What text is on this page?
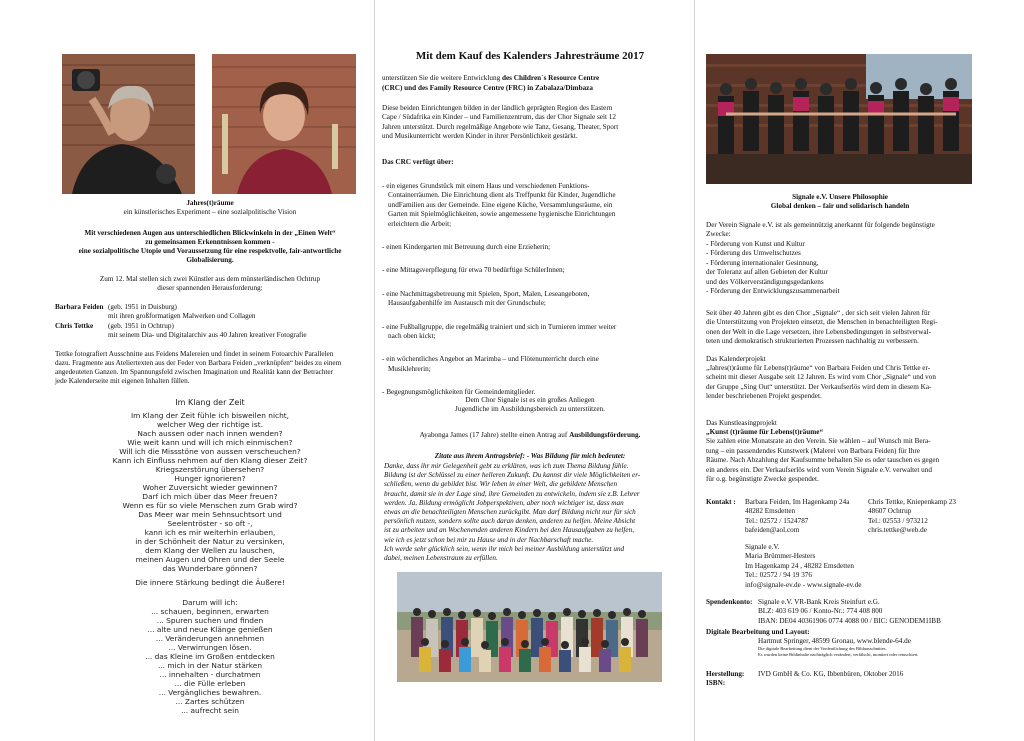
Jahres(t)räume
ein künstlerisches Experiment – eine sozialpolitische Vision
Mit verschiedenen Augen aus unterschiedlichen Blickwinkeln in der „Einen Welt“
zu gemeinsamen Erkenntnissen kommen -
eine sozialpolitische Utopie und Voraussetzung für eine respektvolle, fair-antwortliche
Globalisierung.
Zum 12. Mal stellen sich zwei Künstler aus dem münsterländischen Ochtrup
dieser spannenden Herausforderung:
Barbara Feiden (geb. 1951 in Duisburg)
mit ihren großformatigen Malwerken und Collagen
Chris Tettke (geb. 1951 in Ochtrup)
mit seinem Dia- und Digitalarchiv aus 40 Jahren kreativer Fotografie
Tettke fotografiert Ausschnitte aus Feidens Malereien und findet in seinem Fotoarchiv Parallelen
dazu. Fragmente aus Ateliertexten aus der Feder von Barbara Feiden „verknüpfen“ beides zu einem
angedeuteten Ganzen. Im Spannungsfeld zwischen Imagination und Realität kann der Betrachter
jede Kalenderseite mit eigenen Inhalten füllen.
Im Klang der Zeit
Im Klang der Zeit fühle ich bisweilen nicht,
welcher Weg der richtige ist.
Nach aussen oder nach innen wenden?
Wie weit kann und will ich mich einmischen?
Will ich die Missstöne von aussen verscheuchen?
Kann ich Einfluss nehmen auf den Klang dieser Zeit?
Kriegszerstörung übersehen?
Hunger ignorieren?
Woher Zuversicht wieder gewinnen?
Darf ich mich über das Meer freuen?
Wenn es für so viele Menschen zum Grab wird?
Das Meer war mein Sehnsuchtsort und
Seelentröster - so oft -,
kann ich es mir weiterhin erlauben,
in der Schönheit der Natur zu versinken,
dem Klang der Wellen zu lauschen,
meinen Augen und Ohren und der Seele
das Wunderbare gönnen?
Die innere Stärkung bedingt die Äußere!
Darum will ich:
... schauen, beginnen, erwarten
... Spuren suchen und finden
... alte und neue Klänge genießen
... Veränderungen annehmen
... Verwirrungen lösen.
... das Kleine im Großen entdecken
... mich in der Natur stärken
... innehalten - durchatmen
... die Fülle erleben
... Vergängliches bewahren.
... Zartes schützen
... aufrecht sein
Mit dem Kauf des Kalenders Jahresträume 2017
unterstützen Sie die weitere Entwicklung des Children´s Resource Centre
(CRC) und des Family Resource Centre (FRC) in Zabalaza/Dimbaza
Diese beiden Einrichtungen bilden in der ländlich geprägten Region des Eastern
Cape / Südafrika ein Kinder – und Familienzentrum, das der Chor Signale seit 12
Jahren unterstützt. Durch regelmäßige Angebote wie Tanz, Gesang, Theater, Sport
und Musikunterricht werden Kinder in ihrer Persönlichkeit gestärkt.
Das CRC verfügt über:
- ein eigenes Grundstück mit einem Haus und verschiedenen Funktions-
Containerräumen. Die Einrichtung dient als Treffpunkt für Kinder, Jugendliche
undFamilien aus der Gemeinde. Eine eigene Küche, Versammlungsräume, ein
Garten mit Spielmöglichkeiten, sowie angemessene hygienische Einrichtungen
erleichtern die Arbeit;
- einen Kindergarten mit Betreuung durch eine Erzieherin;
- eine Mittagsverpflegung für etwa 70 bedürftige SchülerInnen;
- eine Nachmittagsbetreuung mit Spielen, Sport, Malen, Leseangeboten,
Hausaufgabenhilfe im Austausch mit der Grundschule;
- eine Fußballgruppe, die regelmäßig trainiert und sich in Turnieren immer weiter
nach oben kickt;
- ein wöchentliches Angebot an Marimba – und Flötenunterricht durch eine
Musiklehrerin;
- Begegnungsmöglichkeiten für Gemeindemitglieder.
Dem Chor Signale ist es ein großes Anliegen
Jugendliche im Ausbildungsbereich zu unterstützen.
Ayabonga James (17 Jahre) stellte einen Antrag auf Ausbildungsförderung.
Zitate aus ihrem Antragsbrief: - Was Bildung für mich bedeutet:
Danke, dass ihr mir Gelegenheit gebt zu erklären, was ich zum Thema Bildung fühle.
Bildung ist der Schlüssel zu einer helleren Zukunft. Du kannst dir viele Möglichkeiten er-
schließen, wenn du gebildet bist. Wir leben in einer Welt, die gebildete Menschen
braucht, damit sie in der Lage sind, ihre Gemeinden zu entwickeln, indem sie z.B. Lehrer
werden. Ja, Bildung ermöglicht Jobperspektiven, aber noch wichtiger ist, dass man
etwas an die benachteiligten Menschen zurückgibt. Man darf Bildung nicht nur für sich
persönlich nutzen, sondern sollte auch daran denken, anderen zu helfen. Meine Absicht
ist zu arbeiten und an Wochenenden anderen Kindern bei den Hausaufgaben zu helfen,
wie ich es jetzt schon bei mir zu Hause und in der Nachbarschaft mache.
Ich werde sehr glücklich sein, wenn ihr mich bei meiner Ausbildung unterstützt und
dabei, meinen Lebenstraum zu erfüllen.
Signale e.V. Unsere Philosophie
Global denken – fair und solidarisch handeln
Der Verein Signale e.V. ist als gemeinnützig anerkannt für folgende begünstigte
Zwecke:
- Förderung von Kunst und Kultur
- Förderung des Umweltschutzes
- Förderung internationaler Gesinnung,
der Toleranz auf allen Gebieten der Kultur
und des Völkerverständigungsgedankens
- Förderung der Entwicklungszusammenarbeit
Seit über 40 Jahren gibt es den Chor „Signale“ , der sich seit vielen Jahren für
die Unterstützung von Projekten einsetzt, die Menschen in benachteiligten Regi-
onen der Welt in die Lage versetzen, ihre Lebensbedingungen in selbstverwal-
teten und demokratisch strukturierten Prozessen nachhaltig zu verbessern.
Das Kalenderprojekt
„Jahres(t)räume für Lebens(t)räume“ von Barbara Feiden und Chris Tettke er-
scheint mit dieser Ausgabe seit 12 Jahren. Es wird vom Chor „Signale“ und von
der Gruppe „Sing Out“ unterstützt. Der Verkaufserlös wird dem in diesem Ka-
lender beschriebenen Projekt gespendet.
Das Kunstleasingprojekt
„Kunst (t)räume für Lebens(t)räume“
Sie zahlen eine Monatsrate an den Verein. Sie wählen – auf Wunsch mit Bera-
tung – ein passendendes Kunstwerk (Malerei von Barbara Feiden) für Ihre
Räume. Nach Abzahlung der Kaufsumme behalten Sie es oder tauschen es gegen
ein anderes ein. Der Verkaufserlös wird vom Verein Signale e.V. verwaltet und
für o.g. begünstigte Zwecke gespendet.
Kontakt : Barbara Feiden, Im Hagenkamp 24a
48282 Emsdetten
Tel.: 02572 / 1524787
bafeiden@aol.com
Chris Tettke, Kniepenkamp 23
48607 Ochtrup
Tel.: 02553 / 973212
chris.tettke@web.de
Signale e.V.
Maria Brümmer-Hesters
Im Hagenkamp 24 , 48282 Emsdetten
Tel.: 02572 / 94 19 376
info@signale-ev.de - www.signale-ev.de
Spendenkonto: Signale e.V. VR-Bank Kreis Steinfurt e.G.
BLZ: 403 619 06 / Konto-Nr.: 774 408 800
IBAN: DE04 40361906 0774 4088 00 / BIC: GENODEM1IBB
Digitale Bearbeitung und Layout:
Hartmut Springer, 48599 Gronau, www.blende-64.de
Die digitale Bearbeitung dient der Verdeutlichung des Bildausschnittes.
Es wurden keine Bildinhalte nachträglich verändert, verfälscht, montiert oder retuschiert.
Herstellung: IVD GmbH & Co. KG, Ibbenbüren, Oktober 2016
ISBN:
